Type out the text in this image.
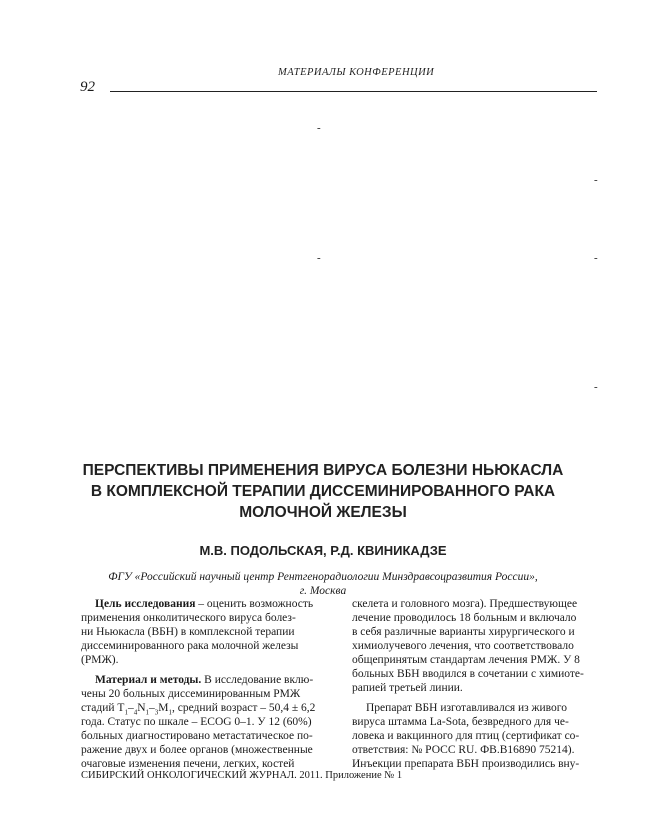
МАТЕРИАЛЫ КОНФЕРЕНЦИИ
92
-
-
-	-
-
ПЕРСПЕКТИВЫ ПРИМЕНЕНИЯ ВИРУСА БОЛЕЗНИ НЬЮКАСЛА
В КОМПЛЕКСНОЙ ТЕРАПИИ ДИССЕМИНИРОВАННОГО РАКА
МОЛОЧНОЙ ЖЕЛЕЗЫ
М.В. ПОДОЛЬСКАЯ, Р.Д. КВИНИКАДЗЕ
ФГУ «Российский научный центр Рентгенорадиологии Минздравсоцразвития России»,
г. Москва
Цель исследования – оценить возможность
применения онколитического вируса болез-
ни Ньюкасла (ВБН) в комплексной терапии
диссеминированного рака молочной железы
(РМЖ).
Материал и методы. В исследование вклю-
чены 20 больных диссеминированным РМЖ
стадий $T_1-_4N_1-_3M_1$, средний возраст – 50,4 ± 6,2
года. Статус по шкале – ECOG 0–1. У 12 (60%)
больных диагностировано метастатическое по-
ражение двух и более органов (множественные
очаговые изменения печени, легких, костей
скелета и головного мозга). Предшествующее
лечение проводилось 18 больным и включало
в себя различные варианты хирургического и
химиолучевого лечения, что соответствовало
общепринятым стандартам лечения РМЖ. У 8
больных ВБН вводился в сочетании с химиоте-
рапией третьей линии.
Препарат ВБН изготавливался из живого
вируса штамма La-Sota, безвредного для че-
ловека и вакцинного для птиц (сертификат со-
ответствия: № РОСС RU. ФВ.В16890 75214).
Инъекции препарата ВБН производились вну-
СИБИРСКИЙ ОНКОЛОГИЧЕСКИЙ ЖУРНАЛ. 2011. Приложение № 1
